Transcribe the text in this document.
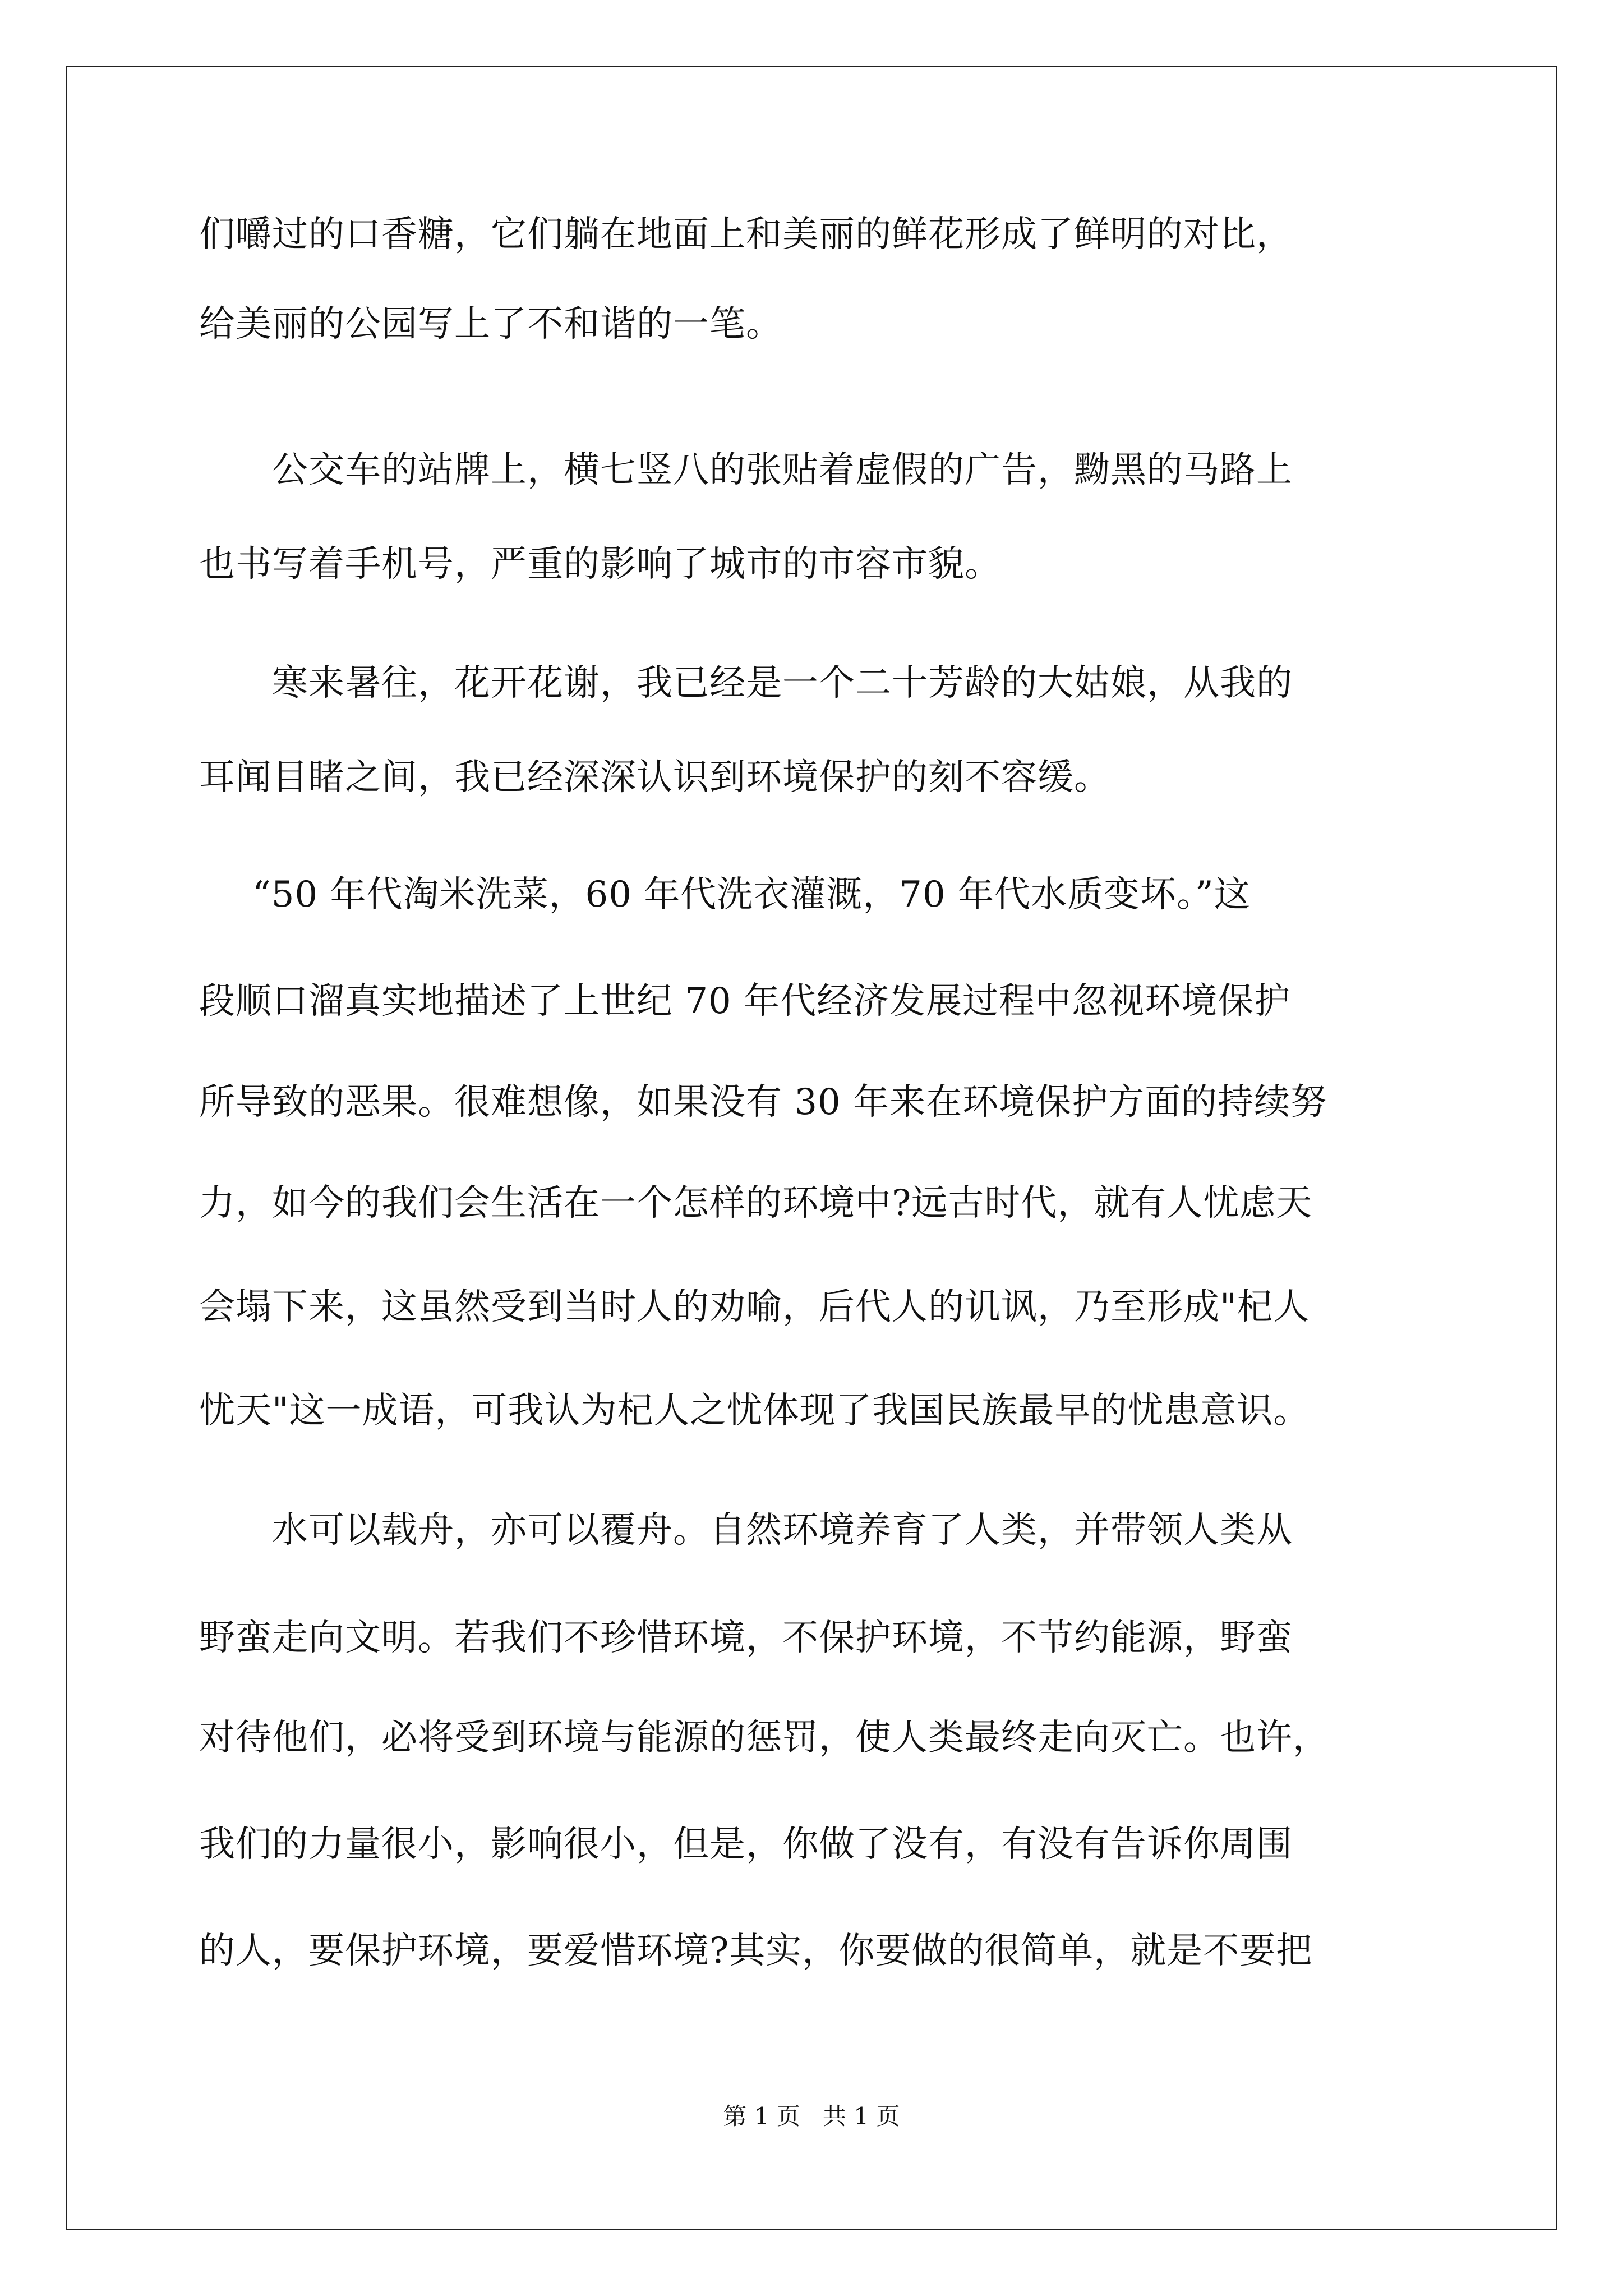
们嚼过的口香糖，它们躺在地面上和美丽的鲜花形成了鲜明的对比，
给美丽的公园写上了不和谐的一笔。
公交车的站牌上，横七竖八的张贴着虚假的广告，黝黑的马路上
也书写着手机号，严重的影响了城市的市容市貌。
寒来暑往，花开花谢，我已经是一个二十芳龄的大姑娘，从我的
耳闻目睹之间，我已经深深认识到环境保护的刻不容缓。
“50 年代淘米洗菜，60 年代洗衣灌溉，70 年代水质变坏。”这
段顺口溜真实地描述了上世纪 70 年代经济发展过程中忽视环境保护
所导致的恶果。很难想像，如果没有 30 年来在环境保护方面的持续努
力，如今的我们会生活在一个怎样的环境中?远古时代，就有人忧虑天
会塌下来，这虽然受到当时人的劝喻，后代人的讥讽，乃至形成"杞人
忧天"这一成语，可我认为杞人之忧体现了我国民族最早的忧患意识。
水可以载舟，亦可以覆舟。自然环境养育了人类，并带领人类从
野蛮走向文明。若我们不珍惜环境，不保护环境，不节约能源，野蛮
对待他们，必将受到环境与能源的惩罚，使人类最终走向灭亡。也许，
我们的力量很小，影响很小，但是，你做了没有，有没有告诉你周围
的人，要保护环境，要爱惜环境?其实，你要做的很简单，就是不要把
第 1 页   共 1 页
